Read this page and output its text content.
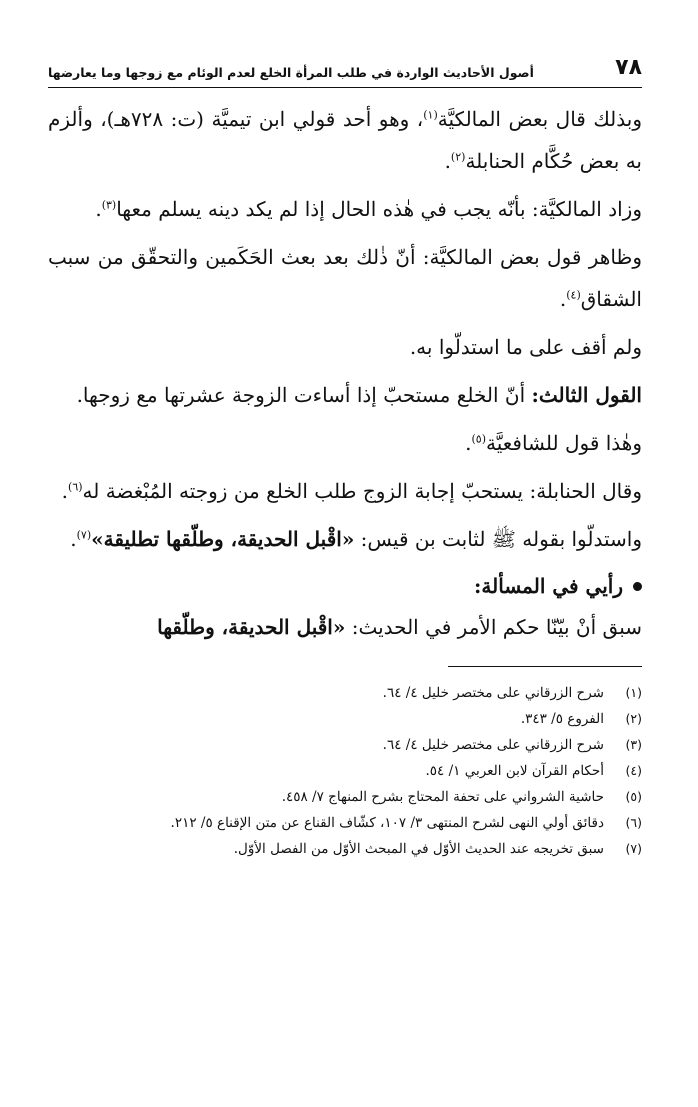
٧٨
أصول الأحاديث الواردة في طلب المرأة الخلع لعدم الوئام مع زوجها وما يعارضها

وبذلك قال بعض المالكيَّة$^{(١)}$، وهو أحد قولي ابن تيميَّة (ت: ٧٢٨هـ)، وألزم به بعض حُكَّام الحنابلة$^{(٢)}$.

وزاد المالكيَّة: بأنّه يجب في هٰذه الحال إذا لم يكد دينه يسلم معها$^{(٣)}$.

وظاهر قول بعض المالكيَّة: أنّ ذٰلك بعد بعث الحَكَمين والتحقّق من سبب الشقاق$^{(٤)}$.

ولم أقف على ما استدلّوا به.

القول الثالث: أنّ الخلع مستحبّ إذا أساءت الزوجة عشرتها مع زوجها.

وهٰذا قول للشافعيَّة$^{(٥)}$.

وقال الحنابلة: يستحبّ إجابة الزوج طلب الخلع من زوجته المُبْغضة له$^{(٦)}$.

واستدلّوا بقوله ﷺ لثابت بن قيس: «اقْبل الحديقة، وطلّقها تطليقة»$^{(٧)}$.

رأيي في المسألة:

سبق أنْ بيّنّا حكم الأمر في الحديث: «اقْبل الحديقة، وطلّقها

(١)
شرح الزرقاني على مختصر خليل ٤/ ٦٤.
(٢)
الفروع ٥/ ٣٤٣.
(٣)
شرح الزرقاني على مختصر خليل ٤/ ٦٤.
(٤)
أحكام القرآن لابن العربي ١/ ٥٤.
(٥)
حاشية الشرواني على تحفة المحتاج بشرح المنهاج ٧/ ٤٥٨.
(٦)
دقائق أولي النهى لشرح المنتهى ٣/ ١٠٧، كشّاف القناع عن متن الإقناع ٥/ ٢١٢.
(٧)
سبق تخريجه عند الحديث الأوّل في المبحث الأوّل من الفصل الأوّل.
